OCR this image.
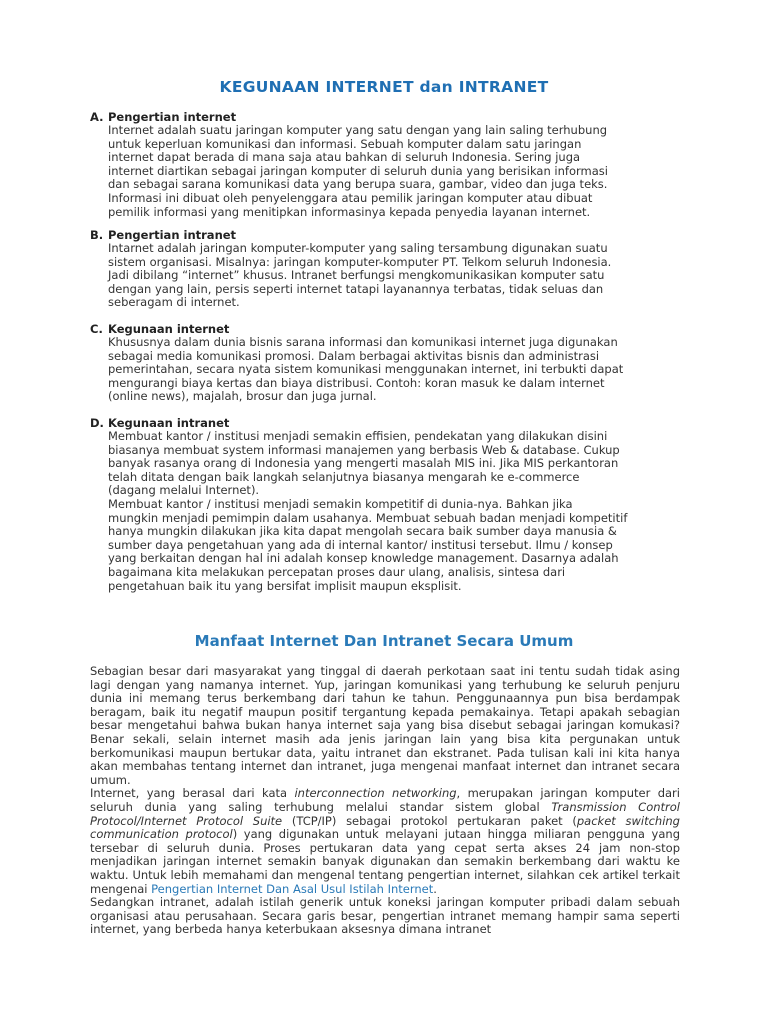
KEGUNAAN INTERNET dan INTRANET
A. Pengertian internet
Internet adalah suatu jaringan komputer yang satu dengan yang lain saling terhubung
untuk keperluan komunikasi dan informasi. Sebuah komputer dalam satu jaringan
internet dapat berada di mana saja atau bahkan di seluruh Indonesia. Sering juga
internet diartikan sebagai jaringan komputer di seluruh dunia yang berisikan informasi
dan sebagai sarana komunikasi data yang berupa suara, gambar, video dan juga teks.
Informasi ini dibuat oleh penyelenggara atau pemilik jaringan komputer atau dibuat
pemilik informasi yang menitipkan informasinya kepada penyedia layanan internet.
B. Pengertian intranet
Intarnet adalah jaringan komputer-komputer yang saling tersambung digunakan suatu
sistem organisasi. Misalnya: jaringan komputer-komputer PT. Telkom seluruh Indonesia.
Jadi dibilang “internet” khusus. Intranet berfungsi mengkomunikasikan komputer satu
dengan yang lain, persis seperti internet tatapi layanannya terbatas, tidak seluas dan
seberagam di internet.
C. Kegunaan internet
Khususnya dalam dunia bisnis sarana informasi dan komunikasi internet juga digunakan
sebagai media komunikasi promosi. Dalam berbagai aktivitas bisnis dan administrasi
pemerintahan, secara nyata sistem komunikasi menggunakan internet, ini terbukti dapat
mengurangi biaya kertas dan biaya distribusi. Contoh: koran masuk ke dalam internet
(online news), majalah, brosur dan juga jurnal.
D. Kegunaan intranet
Membuat kantor / institusi menjadi semakin effisien, pendekatan yang dilakukan disini
biasanya membuat system informasi manajemen yang berbasis Web & database. Cukup
banyak rasanya orang di Indonesia yang mengerti masalah MIS ini. Jika MIS perkantoran
telah ditata dengan baik langkah selanjutnya biasanya mengarah ke e-commerce
(dagang melalui Internet).
Membuat kantor / institusi menjadi semakin kompetitif di dunia-nya. Bahkan jika
mungkin menjadi pemimpin dalam usahanya. Membuat sebuah badan menjadi kompetitif
hanya mungkin dilakukan jika kita dapat mengolah secara baik sumber daya manusia &
sumber daya pengetahuan yang ada di internal kantor/ institusi tersebut. Ilmu / konsep
yang berkaitan dengan hal ini adalah konsep knowledge management. Dasarnya adalah
bagaimana kita melakukan percepatan proses daur ulang, analisis, sintesa dari
pengetahuan baik itu yang bersifat implisit maupun eksplisit.
Manfaat Internet Dan Intranet Secara Umum

Sebagian besar dari masyarakat yang tinggal di daerah perkotaan saat ini tentu sudah tidak asing lagi dengan yang namanya internet. Yup, jaringan komunikasi yang terhubung ke seluruh penjuru dunia ini memang terus berkembang dari tahun ke tahun. Penggunaannya pun bisa berdampak beragam, baik itu negatif maupun positif tergantung kepada pemakainya. Tetapi apakah sebagian besar mengetahui bahwa bukan hanya internet saja yang bisa disebut sebagai jaringan komukasi? Benar sekali, selain internet masih ada jenis jaringan lain yang bisa kita pergunakan untuk berkomunikasi maupun bertukar data, yaitu intranet dan ekstranet. Pada tulisan kali ini kita hanya akan membahas tentang internet dan intranet, juga mengenai manfaat internet dan intranet secara umum.

Internet, yang berasal dari kata interconnection networking, merupakan jaringan komputer dari seluruh dunia yang saling terhubung melalui standar sistem global Transmission Control Protocol/Internet Protocol Suite (TCP/IP) sebagai protokol pertukaran paket (packet switching communication protocol) yang digunakan untuk melayani jutaan hingga miliaran pengguna yang tersebar di seluruh dunia. Proses pertukaran data yang cepat serta akses 24 jam non-stop menjadikan jaringan internet semakin banyak digunakan dan semakin berkembang dari waktu ke waktu. Untuk lebih memahami dan mengenal tentang pengertian internet, silahkan cek artikel terkait mengenai Pengertian Internet Dan Asal Usul Istilah Internet.

Sedangkan intranet, adalah istilah generik untuk koneksi jaringan komputer pribadi dalam sebuah organisasi atau perusahaan. Secara garis besar, pengertian intranet memang hampir sama seperti internet, yang berbeda hanya keterbukaan aksesnya dimana intranet
